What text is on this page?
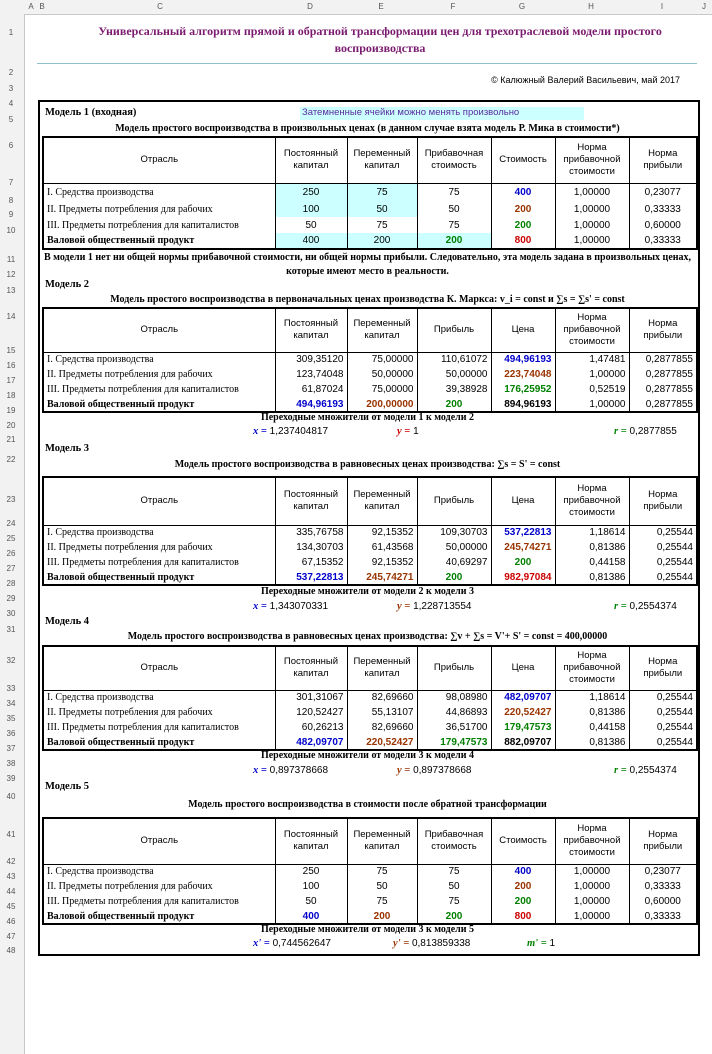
A B	C	D	E	F	G	H	I	J
1
2
3
4
5
6
7
8
9
10
11
12
13
14
15
16
17
18
19
20
21
22
23
24
25
26
27
28
29
30
31
32
33
34
35
36
37
38
39
40
41
42
43
44
45
46
47
48
Универсальный алгоритм прямой и обратной трансформации цен для трехотраслевой модели простого воспроизводства
© Калюжный Валерий Васильевич, май 2017
Модель 1 (входная)	Затемненные ячейки можно менять произвольно
Модель простого воспроизводства в произвольных ценах (в данном случае взята модель Р. Мика в стоимости*)
Отрасль	Постоянный капитал	Переменный капитал	Прибавочная стоимость	Стоимость	Норма прибавочной стоимости	Норма прибыли
I. Средства производства	250	75	75	400	1,00000	0,23077
II. Предметы потребления для рабочих	100	50	50	200	1,00000	0,33333
III. Предметы потребления для капиталистов	50	75	75	200	1,00000	0,60000
Валовой общественный продукт	400	200	200	800	1,00000	0,33333
В модели 1 нет ни общей нормы прибавочной стоимости, ни общей нормы прибыли. Следовательно, эта модель задана в произвольных ценах, которые имеют место в реальности.
Модель 2
Модель простого воспроизводства в первоначальных ценах производства К. Маркса: v_i = const и ∑s = ∑s' = const
Отрасль	Постоянный капитал	Переменный капитал	Прибыль	Цена	Норма прибавочной стоимости	Норма прибыли
I. Средства производства	309,35120	75,00000	110,61072	494,96193	1,47481	0,2877855
II. Предметы потребления для рабочих	123,74048	50,00000	50,00000	223,74048	1,00000	0,2877855
III. Предметы потребления для капиталистов	61,87024	75,00000	39,38928	176,25952	0,52519	0,2877855
Валовой общественный продукт	494,96193	200,00000	200	894,96193	1,00000	0,2877855
Переходные множители от модели 1 к модели 2
x = 1,237404817	y = 1	r = 0,2877855
Модель 3
Модель простого воспроизводства в равновесных ценах производства: ∑s = S' = const
Отрасль	Постоянный капитал	Переменный капитал	Прибыль	Цена	Норма прибавочной стоимости	Норма прибыли
I. Средства производства	335,76758	92,15352	109,30703	537,22813	1,18614	0,25544
II. Предметы потребления для рабочих	134,30703	61,43568	50,00000	245,74271	0,81386	0,25544
III. Предметы потребления для капиталистов	67,15352	92,15352	40,69297	200	0,44158	0,25544
Валовой общественный продукт	537,22813	245,74271	200	982,97084	0,81386	0,25544
Переходные множители от модели 2 к модели 3
x = 1,343070331	y = 1,228713554	r = 0,2554374
Модель 4
Модель простого воспроизводства в равновесных ценах производства: ∑v + ∑s = V'+ S' = const = 400,00000
Отрасль	Постоянный капитал	Переменный капитал	Прибыль	Цена	Норма прибавочной стоимости	Норма прибыли
I. Средства производства	301,31067	82,69660	98,08980	482,09707	1,18614	0,25544
II. Предметы потребления для рабочих	120,52427	55,13107	44,86893	220,52427	0,81386	0,25544
III. Предметы потребления для капиталистов	60,26213	82,69660	36,51700	179,47573	0,44158	0,25544
Валовой общественный продукт	482,09707	220,52427	179,47573	882,09707	0,81386	0,25544
Переходные множители от модели 3 к модели 4
x = 0,897378668	y = 0,897378668	r = 0,2554374
Модель 5
Модель простого воспроизводства в стоимости после обратной трансформации
Отрасль	Постоянный капитал	Переменный капитал	Прибавочная стоимость	Стоимость	Норма прибавочной стоимости	Норма прибыли
I. Средства производства	250	75	75	400	1,00000	0,23077
II. Предметы потребления для рабочих	100	50	50	200	1,00000	0,33333
III. Предметы потребления для капиталистов	50	75	75	200	1,00000	0,60000
Валовой общественный продукт	400	200	200	800	1,00000	0,33333
Переходные множители от модели 3 к модели 5
x' = 0,744562647	y' = 0,813859338	m' = 1
